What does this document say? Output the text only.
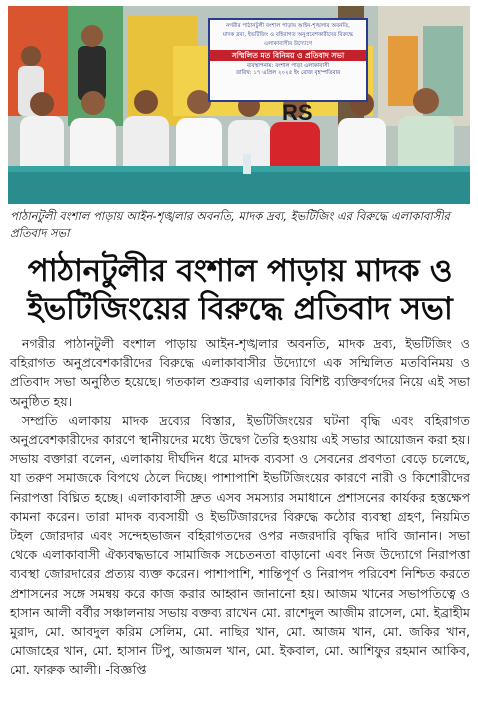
নগরীর পাঠানটুলী বংশাল পাড়ায় আইন-শৃঙ্খলার অবনতি,
মাদক দ্রব্য, ইভটিজিং ও বহিরাগত অনুপ্রবেশকারীদের বিরুদ্ধে
এলাকাবাসীর উদ্যোগে
সম্মিলিত মত বিনিময় ও প্রতিবাদ সভা
ব্যবস্থাপনায়: বংশাল পাড়া এলাকাবাসী
তারিখ: ১৭ এপ্রিল ২০২৫ ইং রোজ বৃহস্পতিবার
RS
পাঠানটুলী বংশাল পাড়ায় আইন-শৃঙ্খলার অবনতি, মাদক দ্রব্য, ইভটিজিং এর বিরুদ্ধে এলাকাবাসীর প্রতিবাদ সভা
পাঠানটুলীর বংশাল পাড়ায় মাদক ও
ইভটিজিংয়ের বিরুদ্ধে প্রতিবাদ সভা

নগরীর পাঠানটুলী বংশাল পাড়ায় আইন-শৃঙ্খলার অবনতি, মাদক দ্রব্য, ইভটিজিং ও বহিরাগত অনুপ্রবেশকারীদের বিরুদ্ধে এলাকাবাসীর উদ্যোগে এক সম্মিলিত মতবিনিময় ও প্রতিবাদ সভা অনুষ্ঠিত হয়েছে। গতকাল শুক্রবার এলাকার বিশিষ্ট ব্যক্তিবর্গদের নিয়ে এই সভা অনুষ্ঠিত হয়।

সম্প্রতি এলাকায় মাদক দ্রব্যের বিস্তার, ইভটিজিংয়ের ঘটনা বৃদ্ধি এবং বহিরাগত অনুপ্রবেশকারীদের কারণে স্থানীয়দের মধ্যে উদ্বেগ তৈরি হওয়ায় এই সভার আয়োজন করা হয়। সভায় বক্তারা বলেন, এলাকায় দীর্ঘদিন ধরে মাদক ব্যবসা ও সেবনের প্রবণতা বেড়ে চলেছে, যা তরুণ সমাজকে বিপথে ঠেলে দিচ্ছে। পাশাপাশি ইভটিজিংয়ের কারণে নারী ও কিশোরীদের নিরাপত্তা বিঘ্নিত হচ্ছে। এলাকাবাসী দ্রুত এসব সমস্যার সমাধানে প্রশাসনের কার্যকর হস্তক্ষেপ কামনা করেন। তারা মাদক ব্যবসায়ী ও ইভটিজারদের বিরুদ্ধে কঠোর ব্যবস্থা গ্রহণ, নিয়মিত টহল জোরদার এবং সন্দেহভাজন বহিরাগতদের ওপর নজরদারি বৃদ্ধির দাবি জানান। সভা থেকে এলাকাবাসী ঐক্যবদ্ধভাবে সামাজিক সচেতনতা বাড়ানো এবং নিজ উদ্যোগে নিরাপত্তা ব্যবস্থা জোরদারের প্রত্যয় ব্যক্ত করেন। পাশাপাশি, শান্তিপূর্ণ ও নিরাপদ পরিবেশ নিশ্চিত করতে প্রশাসনের সঙ্গে সমন্বয় করে কাজ করার আহ্বান জানানো হয়। আজম খানের সভাপতিত্বে ও হাসান আলী বর্বীর সঞ্চালনায় সভায় বক্তব্য রাখেন মো. রাশেদুল আজীম রাসেল, মো. ইব্রাহীম মুরাদ, মো. আবদুল করিম সেলিম, মো. নাছির খান, মো. আজম খান, মো. জকির খান, মোজাহের খান, মো. হাসান টিপু, আজমল খান, মো. ইকবাল, মো. আশিফুর রহমান আকিব, মো. ফারুক আলী। -বিজ্ঞপ্তি
